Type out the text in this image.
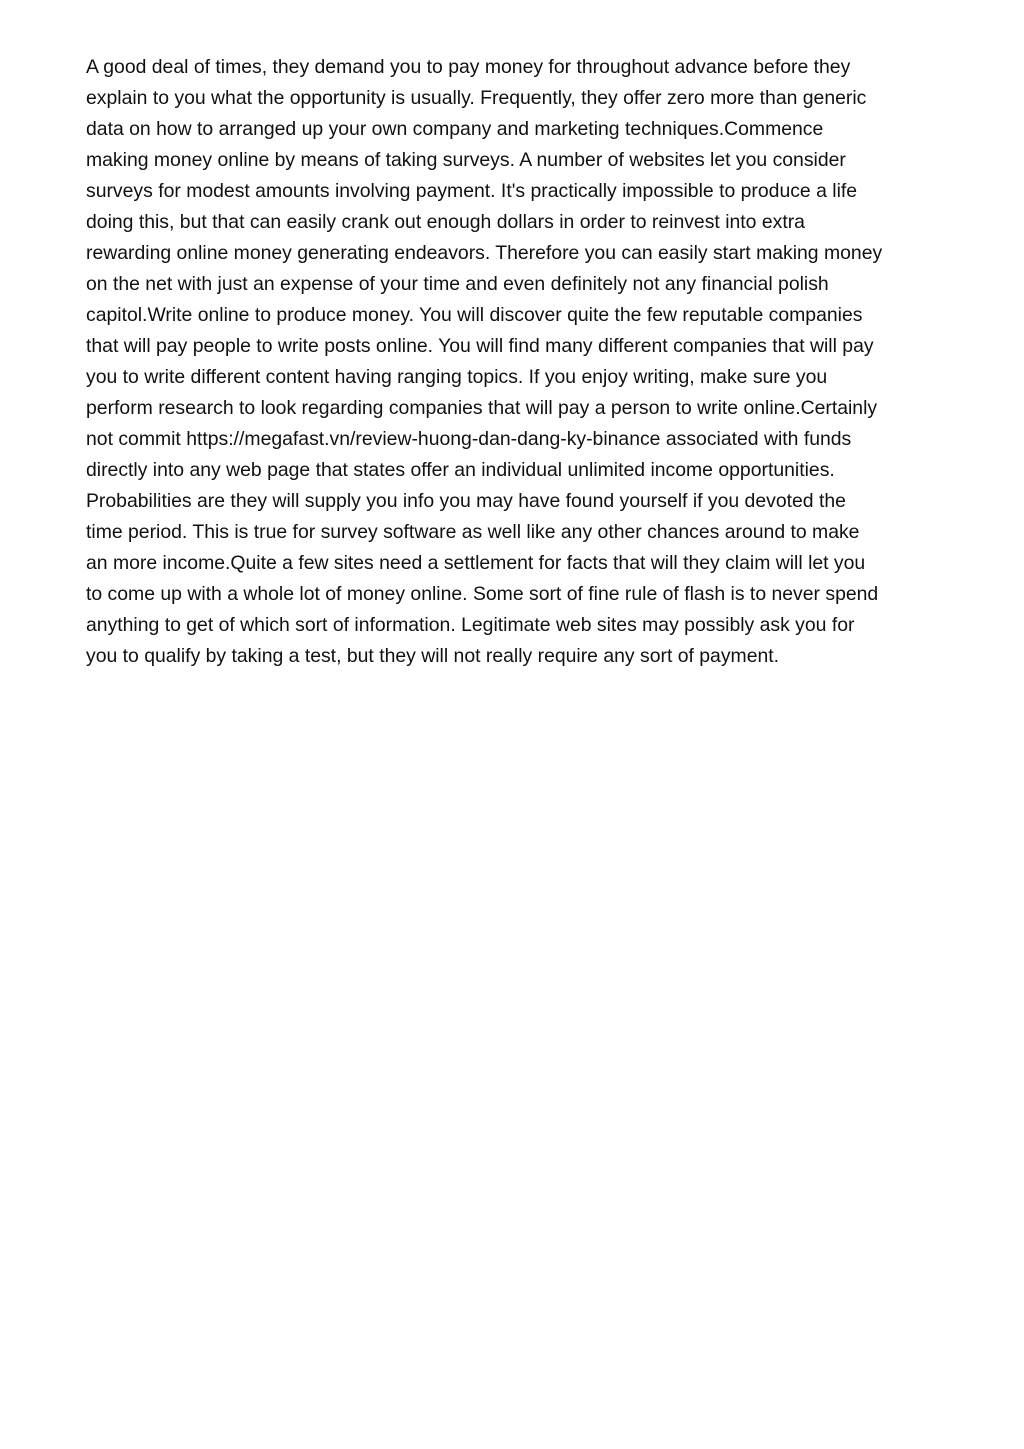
A good deal of times, they demand you to pay money for throughout advance before they
explain to you what the opportunity is usually. Frequently, they offer zero more than generic
data on how to arranged up your own company and marketing techniques.Commence
making money online by means of taking surveys. A number of websites let you consider
surveys for modest amounts involving payment. It's practically impossible to produce a life
doing this, but that can easily crank out enough dollars in order to reinvest into extra
rewarding online money generating endeavors. Therefore you can easily start making money
on the net with just an expense of your time and even definitely not any financial polish
capitol.Write online to produce money. You will discover quite the few reputable companies
that will pay people to write posts online. You will find many different companies that will pay
you to write different content having ranging topics. If you enjoy writing, make sure you
perform research to look regarding companies that will pay a person to write online.Certainly
not commit https://megafast.vn/review-huong-dan-dang-ky-binance associated with funds
directly into any web page that states offer an individual unlimited income opportunities.
Probabilities are they will supply you info you may have found yourself if you devoted the
time period. This is true for survey software as well like any other chances around to make
an more income.Quite a few sites need a settlement for facts that will they claim will let you
to come up with a whole lot of money online. Some sort of fine rule of flash is to never spend
anything to get of which sort of information. Legitimate web sites may possibly ask you for
you to qualify by taking a test, but they will not really require any sort of payment.
